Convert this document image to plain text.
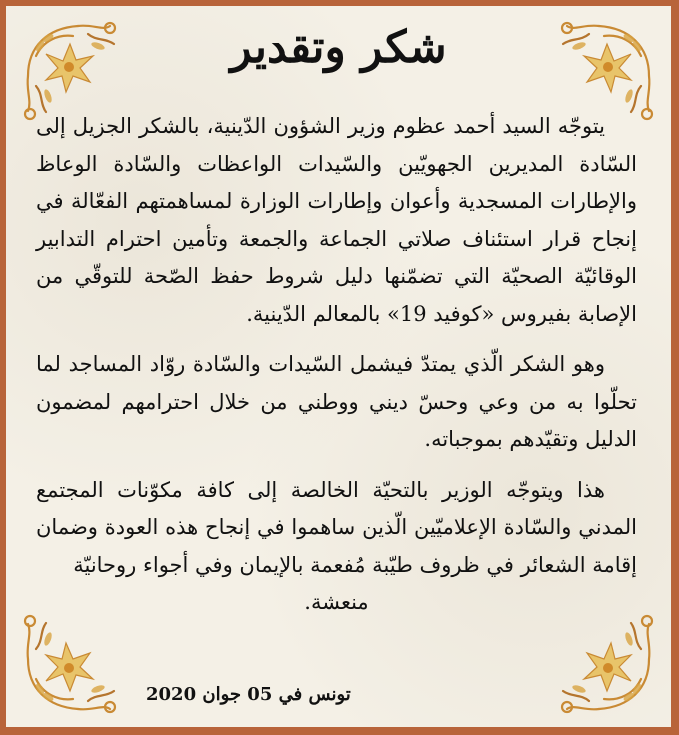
شكر وتقدير

يتوجّه السيد أحمد عظوم وزير الشؤون الدّينية، بالشكر الجزيل إلى السّادة المديرين الجهويّين والسّيدات الواعظات والسّادة الوعاظ والإطارات المسجدية وأعوان وإطارات الوزارة لمساهمتهم الفعّالة في إنجاح قرار استئناف صلاتي الجماعة والجمعة وتأمين احترام التدابير الوقائيّة الصحيّة التي تضمّنها دليل شروط حفظ الصّحة للتوقّي من الإصابة بفيروس «كوفيد 19» بالمعالم الدّينية.

وهو الشكر الّذي يمتدّ فيشمل السّيدات والسّادة روّاد المساجد لما تحلّوا به من وعي وحسّ ديني ووطني من خلال احترامهم لمضمون الدليل وتقيّدهم بموجباته.

هذا ويتوجّه الوزير بالتحيّة الخالصة إلى كافة مكوّنات المجتمع المدني والسّادة الإعلاميّين الّذين ساهموا في إنجاح هذه العودة وضمان إقامة الشعائر في ظروف طيّبة مُفعمة بالإيمان وفي أجواء روحانيّة

منعشة.

تونس في 05 جوان 2020
